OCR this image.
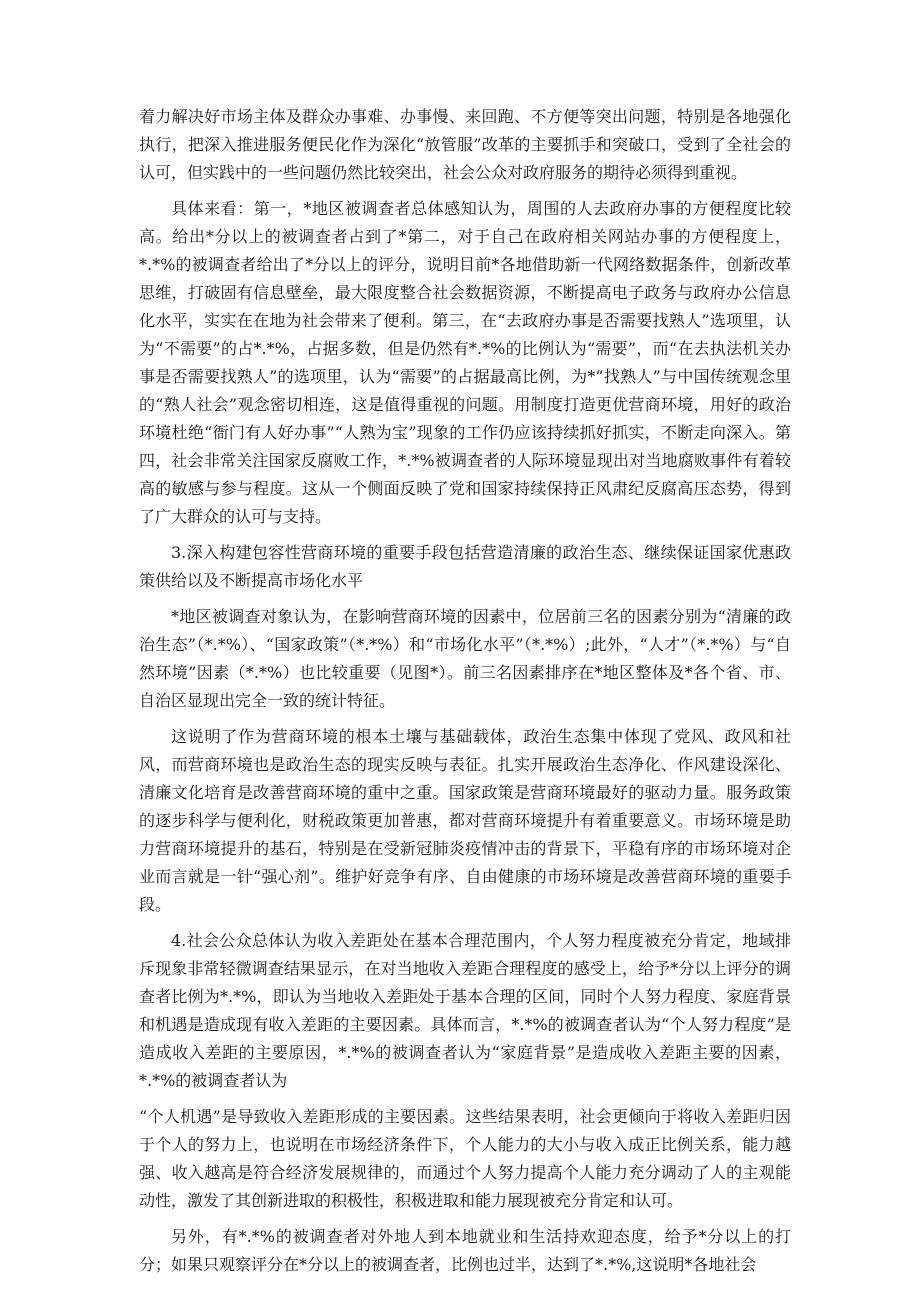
着力解决好市场主体及群众办事难、办事慢、来回跑、不方便等突出问题，特别是各地强化执行，把深入推进服务便民化作为深化“放管服”改革的主要抓手和突破口，受到了全社会的认可，但实践中的一些问题仍然比较突出，社会公众对政府服务的期待必须得到重视。

具体来看：第一，*地区被调查者总体感知认为，周围的人去政府办事的方便程度比较高。给出*分以上的被调查者占到了*第二，对于自己在政府相关网站办事的方便程度上，*.*%的被调查者给出了*分以上的评分，说明目前*各地借助新一代网络数据条件，创新改革思维，打破固有信息壁垒，最大限度整合社会数据资源，不断提高电子政务与政府办公信息化水平，实实在在地为社会带来了便利。第三，在“去政府办事是否需要找熟人”选项里，认为“不需要”的占*.*%，占据多数，但是仍然有*.*%的比例认为“需要”，而“在去执法机关办事是否需要找熟人”的选项里，认为“需要”的占据最高比例，为*“找熟人”与中国传统观念里的“熟人社会”观念密切相连，这是值得重视的问题。用制度打造更优营商环境，用好的政治环境杜绝“衙门有人好办事”“人熟为宝”现象的工作仍应该持续抓好抓实，不断走向深入。第四，社会非常关注国家反腐败工作，*.*%被调查者的人际环境显现出对当地腐败事件有着较高的敏感与参与程度。这从一个侧面反映了党和国家持续保持正风肃纪反腐高压态势，得到了广大群众的认可与支持。

3.深入构建包容性营商环境的重要手段包括营造清廉的政治生态、继续保证国家优惠政策供给以及不断提高市场化水平

*地区被调查对象认为，在影响营商环境的因素中，位居前三名的因素分别为“清廉的政治生态”（*.*%）、“国家政策”（*.*%）和“市场化水平”（*.*%）;此外，“人才”（*.*%）与“自然环境”因素（*.*%）也比较重要（见图*）。前三名因素排序在*地区整体及*各个省、市、自治区显现出完全一致的统计特征。

这说明了作为营商环境的根本土壤与基础载体，政治生态集中体现了党风、政风和社风，而营商环境也是政治生态的现实反映与表征。扎实开展政治生态净化、作风建设深化、清廉文化培育是改善营商环境的重中之重。国家政策是营商环境最好的驱动力量。服务政策的逐步科学与便利化，财税政策更加普惠，都对营商环境提升有着重要意义。市场环境是助力营商环境提升的基石，特别是在受新冠肺炎疫情冲击的背景下，平稳有序的市场环境对企业而言就是一针“强心剂”。维护好竞争有序、自由健康的市场环境是改善营商环境的重要手段。

4.社会公众总体认为收入差距处在基本合理范围内，个人努力程度被充分肯定，地域排斥现象非常轻微调查结果显示，在对当地收入差距合理程度的感受上，给予*分以上评分的调查者比例为*.*%，即认为当地收入差距处于基本合理的区间，同时个人努力程度、家庭背景和机遇是造成现有收入差距的主要因素。具体而言，*.*%的被调查者认为“个人努力程度”是造成收入差距的主要原因，*.*%的被调查者认为“家庭背景”是造成收入差距主要的因素，*.*%的被调查者认为

“个人机遇”是导致收入差距形成的主要因素。这些结果表明，社会更倾向于将收入差距归因于个人的努力上，也说明在市场经济条件下，个人能力的大小与收入成正比例关系，能力越强、收入越高是符合经济发展规律的，而通过个人努力提高个人能力充分调动了人的主观能动性，激发了其创新进取的积极性，积极进取和能力展现被充分肯定和认可。

另外，有*.*%的被调查者对外地人到本地就业和生活持欢迎态度，给予*分以上的打分；如果只观察评分在*分以上的被调查者，比例也过半，达到了*.*%,这说明*各地社会
